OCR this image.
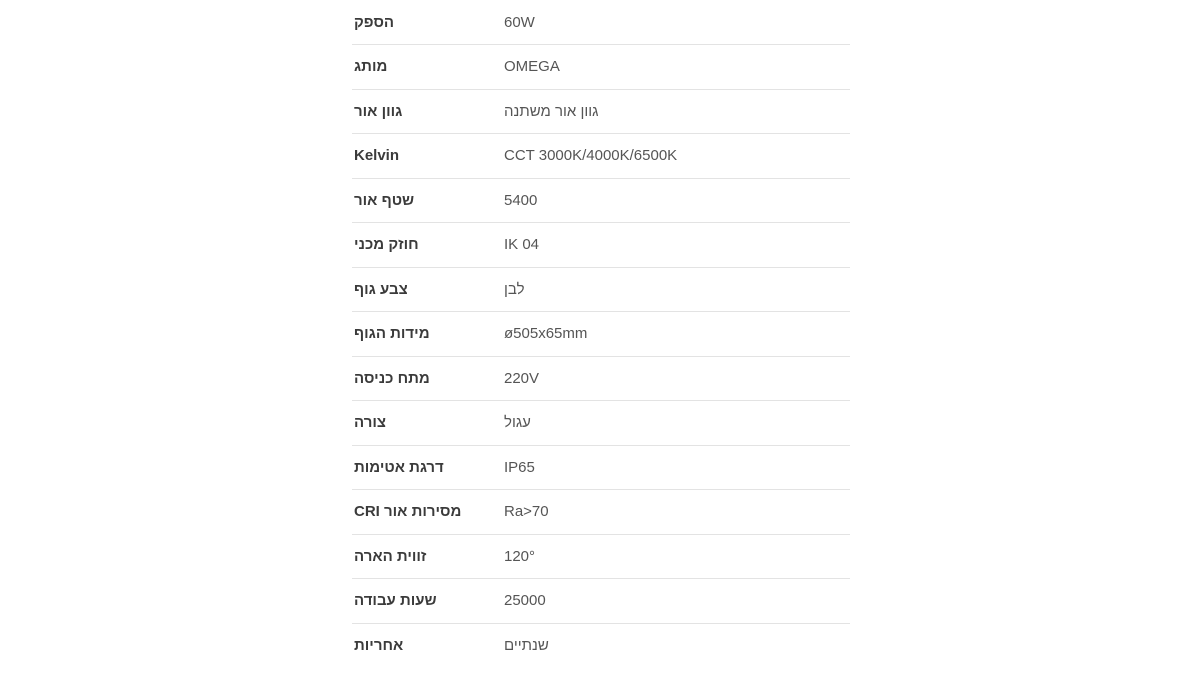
60W	הספק
OMEGA	מותג
גוון אור משתנה	גוון אור
CCT 3000K/4000K/6500K	Kelvin
5400	שטף אור
IK 04	חוזק מכני
לבן	צבע גוף
ø505x65mm	מידות הגוף
220V	מתח כניסה
עגול	צורה
IP65	דרגת אטימות
Ra>70	מסירות אור CRI
120°	זווית הארה
25000	שעות עבודה
שנתיים	אחריות
